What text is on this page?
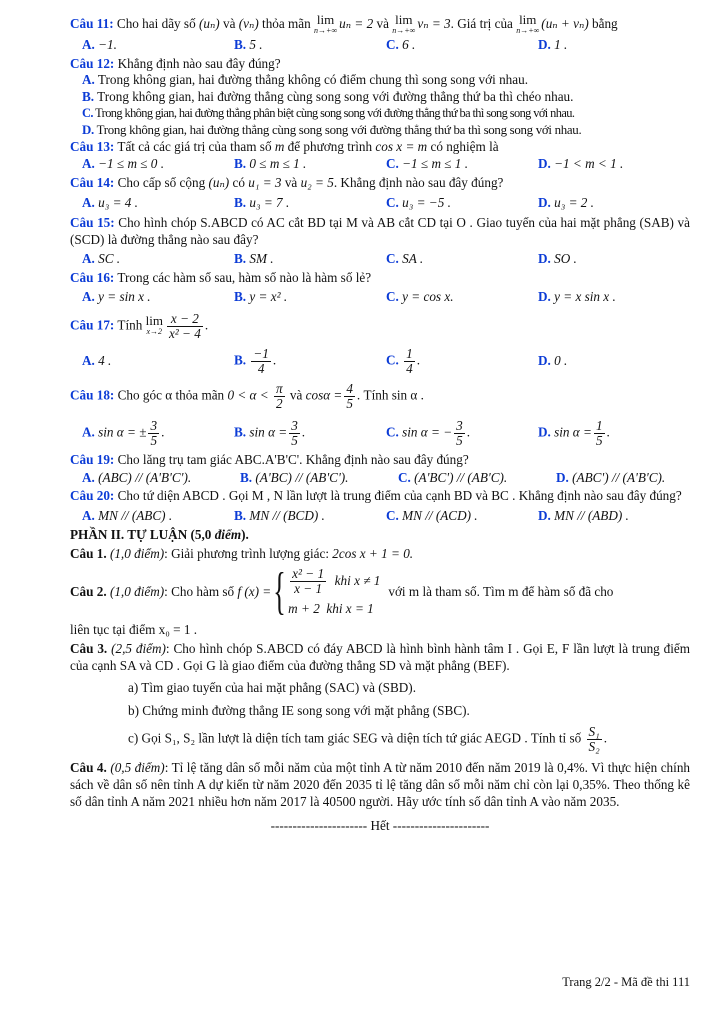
Câu 11: Cho hai dãy số (uₙ) và (vₙ) thỏa mãn lim
n→+∞ uₙ = 2 và lim
n→+∞ vₙ = 3. Giá trị của lim
n→+∞ (uₙ + vₙ) bằng
A. −1.	B. 5 .	C. 6 .	D. 1 .
Câu 12: Khẳng định nào sau đây đúng?
A. Trong không gian, hai đường thẳng không có điểm chung thì song song với nhau.
B. Trong không gian, hai đường thẳng cùng song song với đường thẳng thứ ba thì chéo nhau.
C. Trong không gian, hai đường thẳng phân biệt cùng song song với đường thẳng thứ ba thì song song với nhau.
D. Trong không gian, hai đường thẳng cùng song song với đường thẳng thứ ba thì song song với nhau.
Câu 13: Tất cả các giá trị của tham số m để phương trình cos x = m có nghiệm là
A. −1 ≤ m ≤ 0 .	B. 0 ≤ m ≤ 1 .	C. −1 ≤ m ≤ 1 .	D. −1 < m < 1 .
Câu 14: Cho cấp số cộng (uₙ) có u₁ = 3 và u₂ = 5. Khẳng định nào sau đây đúng?
A. u₃ = 4 .	B. u₃ = 7 .	C. u₃ = −5 .	D. u₃ = 2 .
Câu 15: Cho hình chóp S.ABCD có AC cắt BD tại M và AB cắt CD tại O . Giao tuyến của hai mặt phẳng (SAB) và (SCD) là đường thẳng nào sau đây?
A. SC .	B. SM .	C. SA .	D. SO .
Câu 16: Trong các hàm số sau, hàm số nào là hàm số lẻ?
A. y = sin x .	B. y = x² .	C. y = cos x.	D. y = x sin x .
Câu 17: Tính lim
$x\to 2 \frac{x - 2}{\text{x² − 4}}$ .
A. 4 .	B. $\frac{-1}{4}$ .	C. $\frac{1}{4}$ .	D. 0 .
Câu 18: Cho góc α thỏa mãn $0 < \alpha < \frac{\pi}{2}$ và $\cos\alpha = \frac{4}{5}$ . Tính sin α .
A. sin α = ± $\frac{3}{5}$ .	B. $\sin \alpha = \frac{3}{5}$ .	C. sin α = − $\frac{3}{5}$ .	D. $\sin \alpha = \frac{1}{5}$ .
Câu 19: Cho lăng trụ tam giác ABC.A'B'C'. Khẳng định nào sau đây đúng?
A. (ABC) // (A'B'C').	B. (A'BC) // (AB'C').	C. (A'BC') // (AB'C).	D. (ABC') // (A'B'C).
Câu 20: Cho tứ diện ABCD . Gọi M , N lần lượt là trung điểm của cạnh BD và BC . Khẳng định nào sau đây đúng?
A. MN // (ABC) .	B. MN // (BCD) .	C. MN // (ACD) .	D. MN // (ABD) .
PHẦN II. TỰ LUẬN (5,0 điểm).
Câu 1. (1,0 điểm): Giải phương trình lượng giác: 2cos x + 1 = 0.
Câu 2. (1,0 điểm): Cho hàm số f (x) = { $\frac{\text{x² − 1}}{x - 1}$
khi x ≠ 1
m + 2 khi x = 1
với m là tham số. Tìm m để hàm số đã cho
liên tục tại điểm x₀ = 1 .
Câu 3. (2,5 điểm): Cho hình chóp S.ABCD có đáy ABCD là hình bình hành tâm I . Gọi E, F lần lượt là trung điểm của cạnh SA và CD . Gọi G là giao điểm của đường thẳng SD và mặt phẳng (BEF).
a) Tìm giao tuyến của hai mặt phẳng (SAC) và (SBD).
b) Chứng minh đường thẳng IE song song với mặt phẳng (SBC).
c) Gọi S₁, S₂ lần lượt là diện tích tam giác SEG và diện tích tứ giác AEGD . Tính tỉ số $\frac{\text{S₁}}{\text{S₂}}$ .
Câu 4. (0,5 điểm): Tỉ lệ tăng dân số mỗi năm của một tỉnh A từ năm 2010 đến năm 2019 là 0,4%. Vì thực hiện chính sách về dân số nên tỉnh A dự kiến từ năm 2020 đến 2035 tỉ lệ tăng dân số mỗi năm chỉ còn lại 0,35%. Theo thống kê số dân tỉnh A năm 2021 nhiều hơn năm 2017 là 40500 người. Hãy ước tính số dân tỉnh A vào năm 2035.
---------------------- Hết ----------------------
Trang 2/2 - Mã đề thi 111
